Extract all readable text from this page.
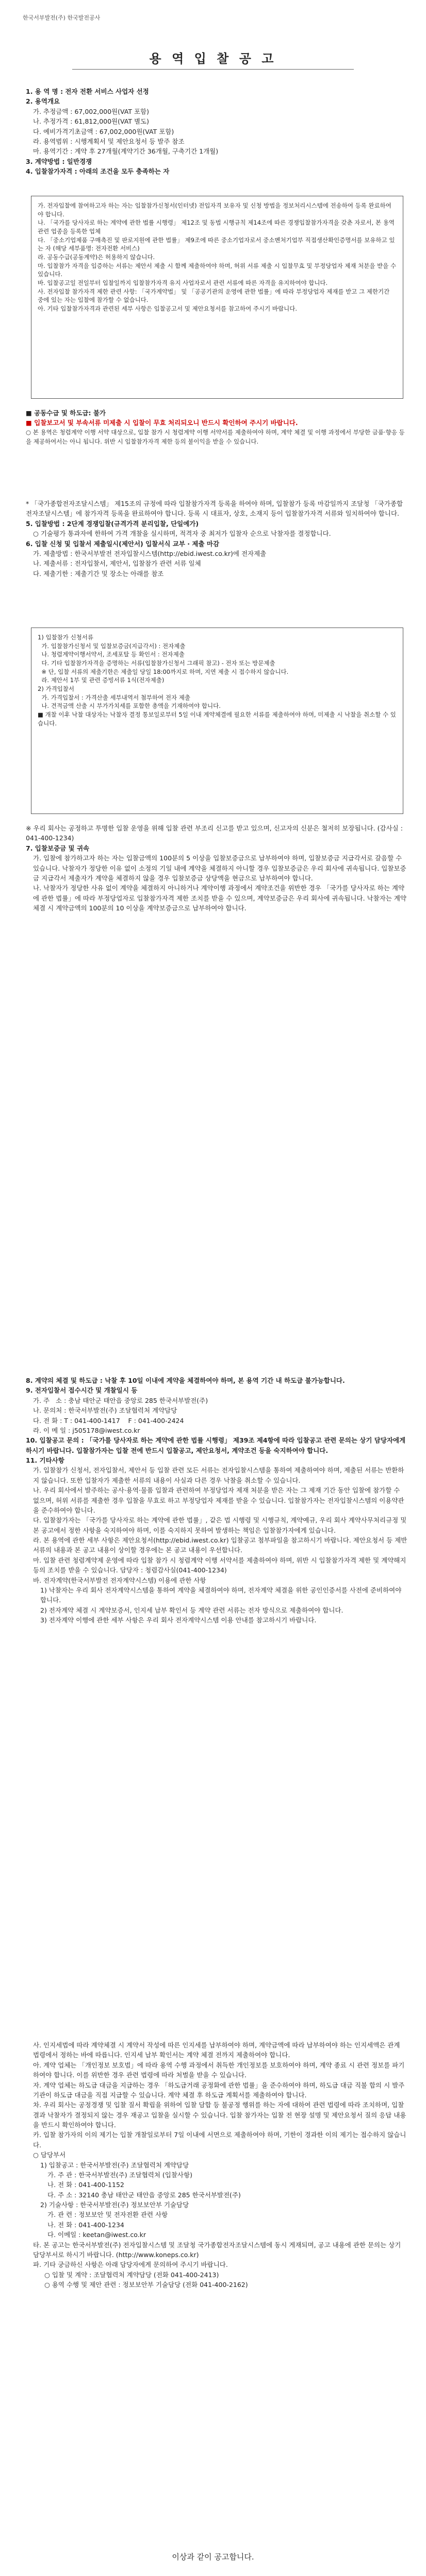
한국서부발전(주) 한국발전공사
용 역 입 찰 공 고

1. 용 역 명 : 전자 전환 서비스 사업자 선정

2. 용역개요

가. 추정금액 : 67,002,000원(VAT 포함)

나. 추정가격 : 61,812,000원(VAT 별도)

다. 예비가격기초금액 : 67,002,000원(VAT 포함)

라. 용역범위 : 시행계획서 및 제안요청서 등 발주 참조

마. 용역기간 : 계약 후 27개월(계약기간 36개월, 구축기간 1개월)

3. 계약방법 : 일반경쟁

4. 입찰참가자격 : 아래의 조건을 모두 충족하는 자

가. 전자입찰에 참여하고자 하는 자는 입찰참가신청서(인터넷) 전입자격 보유자 및 신청 방법을 정보처리시스템에 전송하여 등록 완료하여야 합니다.

나. 「국가를 당사자로 하는 계약에 관한 법률 시행령」 제12조 및 동법 시행규칙 제14조에 따른 경쟁입찰참가자격을 갖춘 자로서, 본 용역 관련 업종을 등록한 업체

다. 「중소기업제품 구매촉진 및 판로지원에 관한 법률」 제9조에 따른 중소기업자로서 중소벤처기업부 직접생산확인증명서를 보유하고 있는 자 (해당 세부품명: 전자전환 서비스)

라. 공동수급(공동계약)은 허용하지 않습니다.

마. 입찰참가 자격을 입증하는 서류는 제안서 제출 시 함께 제출하여야 하며, 허위 서류 제출 시 입찰무효 및 부정당업자 제재 처분을 받을 수 있습니다.

바. 입찰공고일 전일부터 입찰일까지 입찰참가자격 유지 사업자로서 관련 서류에 따른 자격을 유지하여야 합니다.

사. 전자입찰 참가자격 제한 관련 사항: 「국가계약법」 및 「공공기관의 운영에 관한 법률」에 따라 부정당업자 제재를 받고 그 제한기간 중에 있는 자는 입찰에 참가할 수 없습니다.

아. 기타 입찰참가자격과 관련된 세부 사항은 입찰공고서 및 제안요청서를 참고하여 주시기 바랍니다.

■ 공동수급 및 하도급: 불가

■ 입찰보고서 및 부속서류 미제출 시 입찰이 무효 처리되오니 반드시 확인하여 주시기 바랍니다.

○ 본 용역은 청렴계약 이행 서약 대상으로, 입찰 참가 시 청렴계약 이행 서약서를 제출하여야 하며, 계약 체결 및 이행 과정에서 부당한 금품·향응 등을 제공하여서는 아니 됩니다. 위반 시 입찰참가자격 제한 등의 불이익을 받을 수 있습니다.

* 「국가종합전자조달시스템」 제15조의 규정에 따라 입찰참가자격 등록을 하여야 하며, 입찰참가 등록 마감일까지 조달청 「국가종합전자조달시스템」에 참가자격 등록을 완료하여야 합니다. 등록 시 대표자, 상호, 소재지 등이 입찰참가자격 서류와 일치하여야 합니다.

5. 입찰방법 : 2단계 경쟁입찰(규격가격 분리입찰, 단일예가)

○ 기술평가 통과자에 한하여 가격 개찰을 실시하며, 적격자 중 최저가 입찰자 순으로 낙찰자를 결정합니다.

6. 입찰 신청 및 입찰서 제출일시(제안서) 입찰서식 교부 · 제출 마감

가. 제출방법 : 한국서부발전 전자입찰시스템(http://ebid.iwest.co.kr)에 전자제출

나. 제출서류 : 전자입찰서, 제안서, 입찰참가 관련 서류 일체

다. 제출기한 : 제출기간 및 장소는 아래를 참조

1) 입찰참가 신청서류

가. 입찰참가신청서 및 입찰보증금(지급각서) : 전자제출

나. 청렴계약이행서약서, 조세포탈 등 확인서 : 전자제출

다. 기타 입찰참가자격을 증명하는 서류(입찰참가신청서 그래픽 참고) - 전자 또는 방문제출

※ 단, 입찰 서류의 제출기한은 제출일 당일 18:00까지로 하며, 지연 제출 시 접수하지 않습니다.

라. 제안서 1부 및 관련 증빙서류 1식(전자제출)

2) 가격입찰서

가. 가격입찰서 : 가격산출 세부내역서 첨부하여 전자 제출

나. 견적금액 산출 시 부가가치세를 포함한 총액을 기재하여야 합니다.

■ 개찰 이후 낙찰 대상자는 낙찰자 결정 통보일로부터 5일 이내 계약체결에 필요한 서류를 제출하여야 하며, 미제출 시 낙찰을 취소할 수 있습니다.

※ 우리 회사는 공정하고 투명한 입찰 운영을 위해 입찰 관련 부조리 신고를 받고 있으며, 신고자의 신분은 철저히 보장됩니다. (감사실 : 041-400-1234)

7. 입찰보증금 및 귀속

가. 입찰에 참가하고자 하는 자는 입찰금액의 100분의 5 이상을 입찰보증금으로 납부하여야 하며, 입찰보증금 지급각서로 갈음할 수 있습니다. 낙찰자가 정당한 이유 없이 소정의 기일 내에 계약을 체결하지 아니할 경우 입찰보증금은 우리 회사에 귀속됩니다. 입찰보증금 지급각서 제출자가 계약을 체결하지 않을 경우 입찰보증금 상당액을 현금으로 납부하여야 합니다.

나. 낙찰자가 정당한 사유 없이 계약을 체결하지 아니하거나 계약이행 과정에서 계약조건을 위반한 경우 「국가를 당사자로 하는 계약에 관한 법률」에 따라 부정당업자로 입찰참가자격 제한 조치를 받을 수 있으며, 계약보증금은 우리 회사에 귀속됩니다. 낙찰자는 계약 체결 시 계약금액의 100분의 10 이상을 계약보증금으로 납부하여야 합니다.

8. 계약의 체결 및 하도급 : 낙찰 후 10일 이내에 계약을 체결하여야 하며, 본 용역 기간 내 하도급 불가능합니다.

9. 전자입찰서 접수시간 및 개찰일시 등

가. 주   소 : 충남 태안군 태안읍 중앙로 285 한국서부발전(주)

나. 문의처 : 한국서부발전(주) 조달협력처 계약담당

다. 전 화 : T : 041-400-1417    F : 041-400-2424

라. 이 메 일 : j505178@iwest.co.kr

10. 입찰공고 문의 : 「국가를 당사자로 하는 계약에 관한 법률 시행령」 제39조 제4항에 따라 입찰공고 관련 문의는 상기 담당자에게 하시기 바랍니다. 입찰참가자는 입찰 전에 반드시 입찰공고, 제안요청서, 계약조건 등을 숙지하여야 합니다.

11. 기타사항

가. 입찰참가 신청서, 전자입찰서, 제안서 등 입찰 관련 모든 서류는 전자입찰시스템을 통하여 제출하여야 하며, 제출된 서류는 반환하지 않습니다. 또한 입찰자가 제출한 서류의 내용이 사실과 다른 경우 낙찰을 취소할 수 있습니다.

나. 우리 회사에서 발주하는 공사·용역·물품 입찰과 관련하여 부정당업자 제재 처분을 받은 자는 그 제재 기간 동안 입찰에 참가할 수 없으며, 허위 서류를 제출한 경우 입찰을 무효로 하고 부정당업자 제재를 받을 수 있습니다. 입찰참가자는 전자입찰시스템의 이용약관을 준수하여야 합니다.

다. 입찰참가자는 「국가를 당사자로 하는 계약에 관한 법률」, 같은 법 시행령 및 시행규칙, 계약예규, 우리 회사 계약사무처리규정 및 본 공고에서 정한 사항을 숙지하여야 하며, 이를 숙지하지 못하여 발생하는 책임은 입찰참가자에게 있습니다.

라. 본 용역에 관한 세부 사항은 제안요청서(http://ebid.iwest.co.kr) 입찰공고 첨부파일을 참고하시기 바랍니다. 제안요청서 등 제반 서류의 내용과 본 공고 내용이 상이할 경우에는 본 공고 내용이 우선합니다.

마. 입찰 관련 청렴계약제 운영에 따라 입찰 참가 시 청렴계약 이행 서약서를 제출하여야 하며, 위반 시 입찰참가자격 제한 및 계약해지 등의 조치를 받을 수 있습니다. 담당자 : 청렴감사실(041-400-1234)

바. 전자계약(한국서부발전 전자계약시스템) 이용에 관한 사항

1) 낙찰자는 우리 회사 전자계약시스템을 통하여 계약을 체결하여야 하며, 전자계약 체결을 위한 공인인증서를 사전에 준비하여야 합니다.

2) 전자계약 체결 시 계약보증서, 인지세 납부 확인서 등 계약 관련 서류는 전자 방식으로 제출하여야 합니다.

3) 전자계약 이행에 관한 세부 사항은 우리 회사 전자계약시스템 이용 안내를 참고하시기 바랍니다.

사. 인지세법에 따라 계약체결 시 계약서 작성에 따른 인지세를 납부하여야 하며, 계약금액에 따라 납부하여야 하는 인지세액은 관계 법령에서 정하는 바에 따릅니다. 인지세 납부 확인서는 계약 체결 전까지 제출하여야 합니다.

아. 계약 업체는 「개인정보 보호법」에 따라 용역 수행 과정에서 취득한 개인정보를 보호하여야 하며, 계약 종료 시 관련 정보를 파기하여야 합니다. 이를 위반한 경우 관련 법령에 따라 처벌을 받을 수 있습니다.

자. 계약 업체는 하도급 대금을 지급하는 경우 「하도급거래 공정화에 관한 법률」을 준수하여야 하며, 하도급 대금 직불 합의 시 발주기관이 하도급 대금을 직접 지급할 수 있습니다. 계약 체결 후 하도급 계획서를 제출하여야 합니다.

차. 우리 회사는 공정경쟁 및 입찰 질서 확립을 위하여 입찰 담합 등 불공정 행위를 하는 자에 대하여 관련 법령에 따라 조치하며, 입찰 결과 낙찰자가 결정되지 않는 경우 재공고 입찰을 실시할 수 있습니다. 입찰 참가자는 입찰 전 현장 설명 및 제안요청서 질의 응답 내용을 반드시 확인하여야 합니다.

카. 입찰 참가자의 이의 제기는 입찰 개찰일로부터 7일 이내에 서면으로 제출하여야 하며, 기한이 경과한 이의 제기는 접수하지 않습니다.

○ 담당부서

1) 입찰공고 : 한국서부발전(주) 조달협력처 계약담당

가. 주 관 : 한국서부발전(주) 조달협력처 (입찰사항)

나. 전 화 : 041-400-1152

다. 주 소 : 32140 충남 태안군 태안읍 중앙로 285 한국서부발전(주)

2) 기술사항 : 한국서부발전(주) 정보보안부 기술담당

가. 관 련 : 정보보안 및 전자전환 관련 사항

나. 전 화 : 041-400-1234

다. 이메일 : keetan@iwest.co.kr

타. 본 공고는 한국서부발전(주) 전자입찰시스템 및 조달청 국가종합전자조달시스템에 동시 게재되며, 공고 내용에 관한 문의는 상기 담당부서로 하시기 바랍니다. (http://www.koneps.co.kr)

파. 기타 궁금하신 사항은 아래 담당자에게 문의하여 주시기 바랍니다.

○ 입찰 및 계약 : 조달협력처 계약담당 (전화 041-400-2413)

○ 용역 수행 및 제안 관련 : 정보보안부 기술담당 (전화 041-400-2162)

이상과 같이 공고합니다.
